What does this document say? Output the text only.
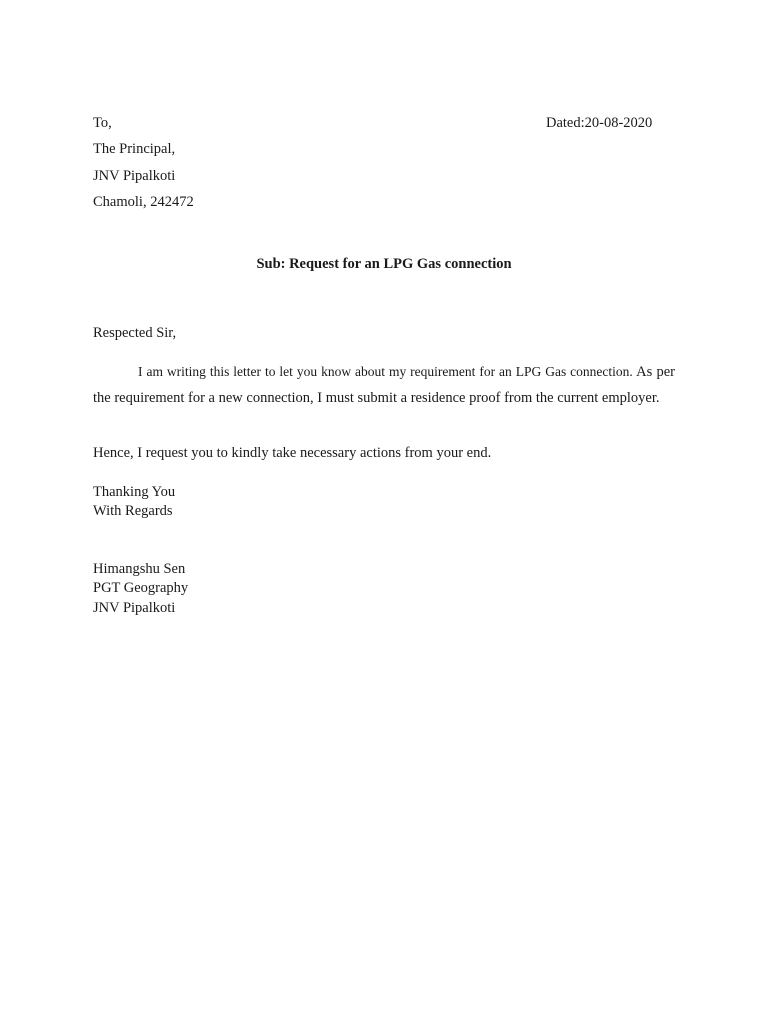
To,	Dated:20-08-2020
The Principal,
JNV Pipalkoti
Chamoli, 242472
Sub: Request for an LPG Gas connection
Respected Sir,
I am writing this letter to let you know about my requirement for an LPG Gas connection. As per the requirement for a new connection, I must submit a residence proof from the current employer.
Hence, I request you to kindly take necessary actions from your end.
Thanking You
With Regards
Himangshu Sen
PGT Geography
JNV Pipalkoti
